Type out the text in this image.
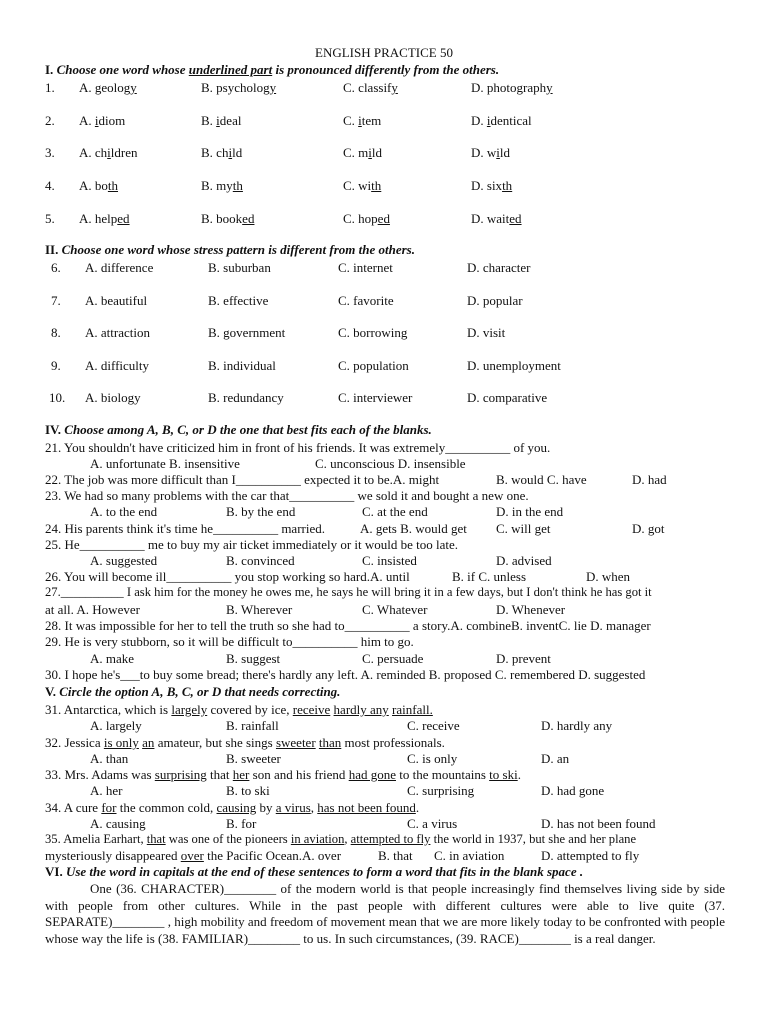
ENGLISH PRACTICE 50
I. Choose one word whose underlined part is pronounced differently from the others.
1. A. geology	B. psychology	C. classify	D. photography
2. A. idiom	B. ideal	C. item	D. identical
3. A. children	B. child	C. mild	D. wild
4. A. both	B. myth	C. with	D. sixth
5. A. helped	B. booked	C. hoped	D. waited
II. Choose one word whose stress pattern is different from the others.
6. A. difference	B. suburban	C. internet	D. character
7. A. beautiful	B. effective	C. favorite	D. popular
8. A. attraction	B. government	C. borrowing	D. visit
9. A. difficulty	B. individual	C. population	D. unemployment
10. A. biology	B. redundancy	C. interviewer	D. comparative
IV. Choose among A, B, C, or D the one that best fits each of the blanks.
21. You shouldn't have criticized him in front of his friends. It was extremely__________ of you.
A. unfortunate B. insensitive	C. unconscious D. insensible
22. The job was more difficult than I__________ expected it to be.A. might	B. would C. have	D. had
23. We had so many problems with the car that__________ we sold it and bought a new one.
A. to the end	B. by the end	C. at the end	D. in the end
24. His parents think it's time he__________ married.	A. gets B. would get C. will get	D. got
25. He__________ me to buy my air ticket immediately or it would be too late.
A. suggested	B. convinced	C. insisted	D. advised
26. You will become ill__________ you stop working so hard.A. until	B. if C. unless	D. when
27.__________ I ask him for the money he owes me, he says he will bring it in a few days, but I don't think he has got it
at all. A. However	B. Wherever	C. Whatever	D. Whenever
28. It was impossible for her to tell the truth so she had to__________ a story.A. combineB. inventC. lie D. manager
29. He is very stubborn, so it will be difficult to__________ him to go.
A. make	B. suggest	C. persuade	D. prevent
30. I hope he's___to buy some bread; there's hardly any left. A. reminded B. proposed C. remembered D. suggested
V. Circle the option A, B, C, or D that needs correcting.
31. Antarctica, which is largely covered by ice, receive hardly any rainfall.
A. largely	B. rainfall	C. receive	D. hardly any
32. Jessica is only an amateur, but she sings sweeter than most professionals.
A. than	B. sweeter	C. is only	D. an
33. Mrs. Adams was surprising that her son and his friend had gone to the mountains to ski.
A. her	B. to ski	C. surprising	D. had gone
34. A cure for the common cold, causing by a virus, has not been found.
A. causing	B. for	C. a virus	D. has not been found
35. Amelia Earhart, that was one of the pioneers in aviation, attempted to fly the world in 1937, but she and her plane
mysteriously disappeared over the Pacific Ocean.A. over	B. that C. in aviation	D. attempted to fly
VI. Use the word in capitals at the end of these sentences to form a word that fits in the blank space .
One (36. CHARACTER)________ of the modern world is that people increasingly find themselves living side by side with people from other cultures. While in the past people with different cultures were able to live quite (37. SEPARATE)________ , high mobility and freedom of movement mean that we are more likely today to be confronted with people whose way the life is (38. FAMILIAR)________ to us. In such circumstances, (39. RACE)________ is a real danger.
